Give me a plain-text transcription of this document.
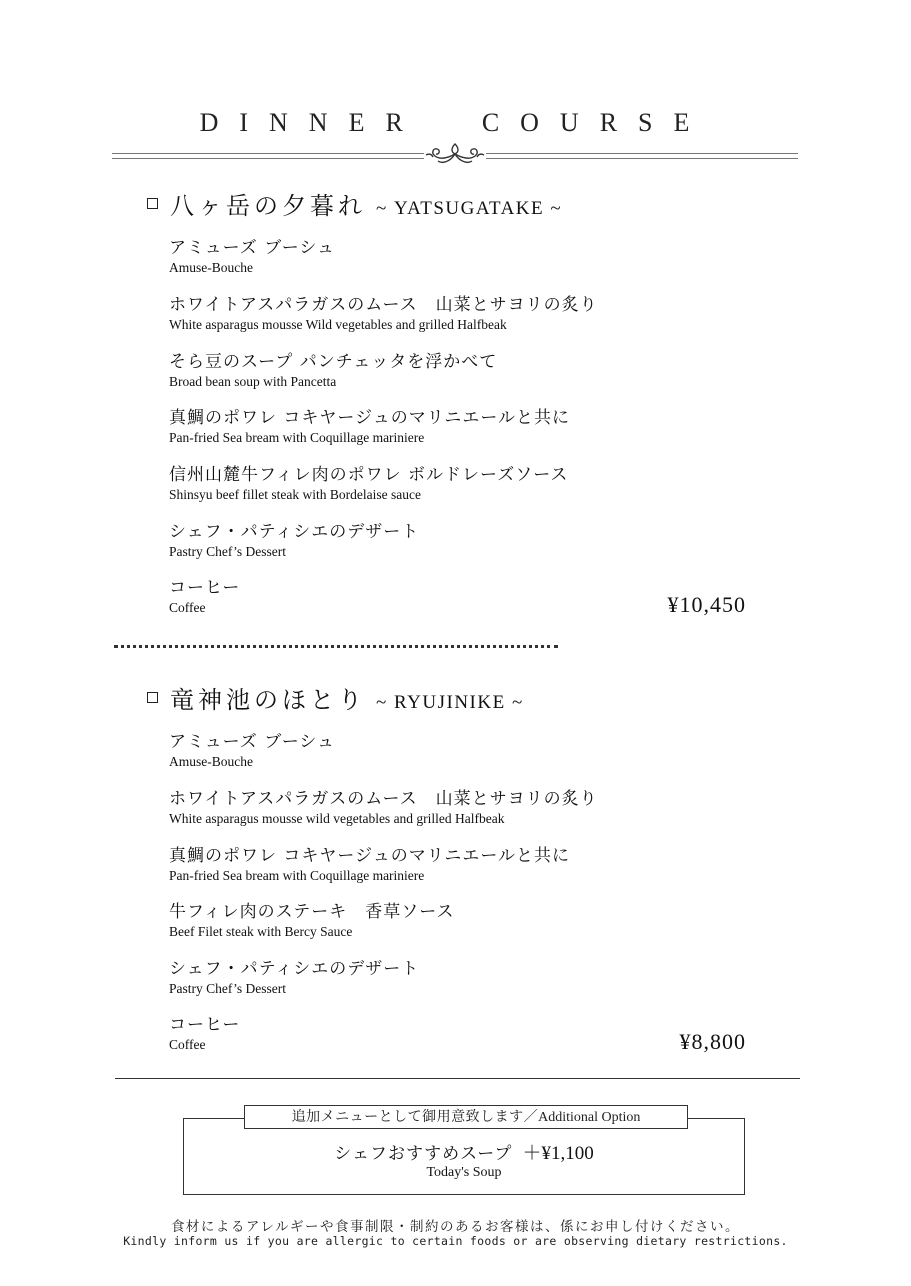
DINNER COURSE
八ヶ岳の夕暮れ ~ YATSUGATAKE ~
アミューズ ブーシュ
Amuse-Bouche
ホワイトアスパラガスのムース　山菜とサヨリの炙り
White asparagus mousse Wild vegetables and grilled Halfbeak
そら豆のスープ パンチェッタを浮かべて
Broad bean soup with Pancetta
真鯛のポワレ コキヤージュのマリニエールと共に
Pan-fried Sea bream with Coquillage mariniere
信州山麓牛フィレ肉のポワレ ボルドレーズソース
Shinsyu beef fillet steak with Bordelaise sauce
シェフ・パティシエのデザート
Pastry Chef’s Dessert
コーヒー
Coffee	¥10,450
竜神池のほとり ~ RYUJINIKE ~
アミューズ ブーシュ
Amuse-Bouche
ホワイトアスパラガスのムース　山菜とサヨリの炙り
White asparagus mousse wild vegetables and grilled Halfbeak
真鯛のポワレ コキヤージュのマリニエールと共に
Pan-fried Sea bream with Coquillage mariniere
牛フィレ肉のステーキ　香草ソース
Beef Filet steak with Bercy Sauce
シェフ・パティシエのデザート
Pastry Chef’s Dessert
コーヒー
Coffee	¥8,800
追加メニューとして御用意致します／Additional Option
シェフおすすめスープ ＋¥1,100
Today's Soup
食材によるアレルギーや食事制限・制約のあるお客様は、係にお申し付けください。
Kindly inform us if you are allergic to certain foods or are observing dietary restrictions.
